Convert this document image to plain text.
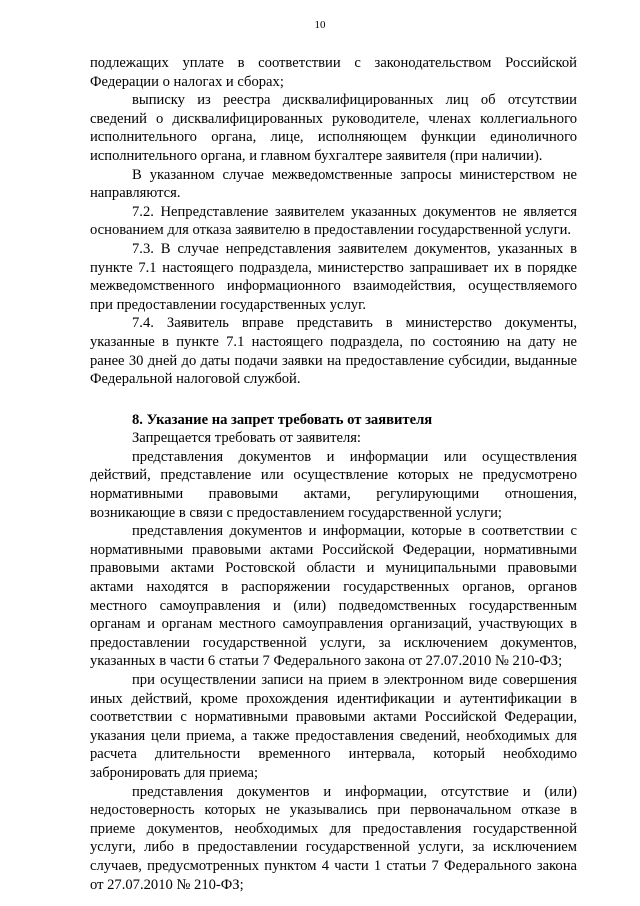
10

подлежащих уплате в соответствии с законодательством Российской Федерации о налогах и сборах;

выписку из реестра дисквалифицированных лиц об отсутствии сведений о дисквалифицированных руководителе, членах коллегиального исполнительного органа, лице, исполняющем функции единоличного исполнительного органа, и главном бухгалтере заявителя (при наличии).

В указанном случае межведомственные запросы министерством не направляются.

7.2. Непредставление заявителем указанных документов не является основанием для отказа заявителю в предоставлении государственной услуги.

7.3. В случае непредставления заявителем документов, указанных в пункте 7.1 настоящего подраздела, министерство запрашивает их в порядке межведомственного информационного взаимодействия, осуществляемого при предоставлении государственных услуг.

7.4. Заявитель вправе представить в министерство документы, указанные в пункте 7.1 настоящего подраздела, по состоянию на дату не ранее 30 дней до даты подачи заявки на предоставление субсидии, выданные Федеральной налоговой службой.

8. Указание на запрет требовать от заявителя

Запрещается требовать от заявителя:

представления документов и информации или осуществления действий, представление или осуществление которых не предусмотрено нормативными правовыми актами, регулирующими отношения, возникающие в связи с предоставлением государственной услуги;

представления документов и информации, которые в соответствии с нормативными правовыми актами Российской Федерации, нормативными правовыми актами Ростовской области и муниципальными правовыми актами находятся в распоряжении государственных органов, органов местного самоуправления и (или) подведомственных государственным органам и органам местного самоуправления организаций, участвующих в предоставлении государственной услуги, за исключением документов, указанных в части 6 статьи 7 Федерального закона от 27.07.2010 № 210-ФЗ;

при осуществлении записи на прием в электронном виде совершения иных действий, кроме прохождения идентификации и аутентификации в соответствии с нормативными правовыми актами Российской Федерации, указания цели приема, а также предоставления сведений, необходимых для расчета длительности временного интервала, который необходимо забронировать для приема;

представления документов и информации, отсутствие и (или) недостоверность которых не указывались при первоначальном отказе в приеме документов, необходимых для предоставления государственной услуги, либо в предоставлении государственной услуги, за исключением случаев, предусмотренных пунктом 4 части 1 статьи 7 Федерального закона от 27.07.2010 № 210-ФЗ;
